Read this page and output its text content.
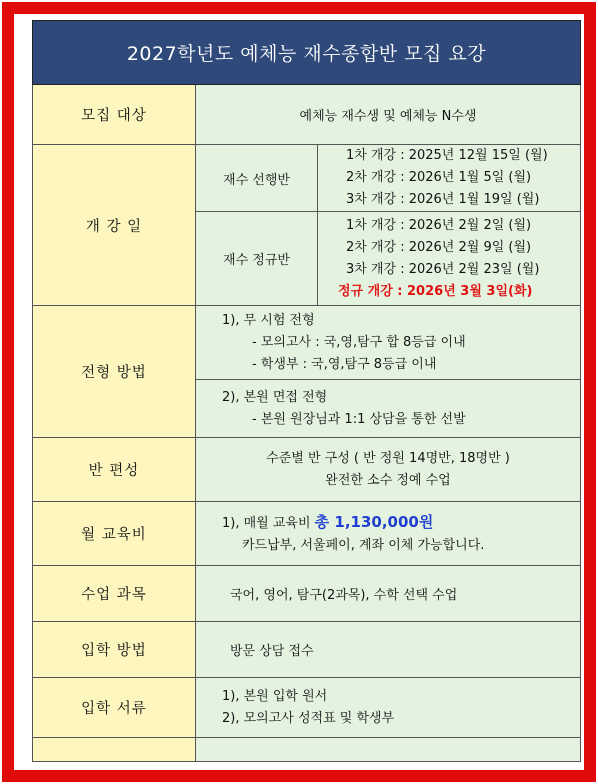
2027학년도 예체능 재수종합반 모집 요강		
모집 대상	예체능 재수생 및 예체능 N수생	
개 강 일	재수 선행반	1차 개강 : 2025년 12월 15일 (월)
2차 개강 : 2026년 1월 5일 (월)
3차 개강 : 2026년 1월 19일 (월)

	재수 정규반	1차 개강 : 2026년 2월 2일 (월)
2차 개강 : 2026년 2월 9일 (월)
3차 개강 : 2026년 2월 23일 (월)
정규 개강 : 2026년 3월 3일(화)

전형 방법	1), 무 시험 전형
- 모의고사 : 국,영,탐구 합 8등급 이내
- 학생부 : 국,영,탐구 8등급 이내	

	2), 본원 면접 전형
- 본원 원장님과 1:1 상담을 통한 선발	

반 편성	수준별 반 구성 ( 반 정원 14명반, 18명반 )
완전한 소수 정예 수업	

월 교육비	1), 매월 교육비 총 1,130,000원
카드납부, 서울페이, 계좌 이체 가능합니다.	

수업 과목	국어, 영어, 탐구(2과목), 수학 선택 수업	
입학 방법	방문 상담 접수	
입학 서류	1), 본원 입학 원서
2), 모의고사 성적표 및 학생부	
